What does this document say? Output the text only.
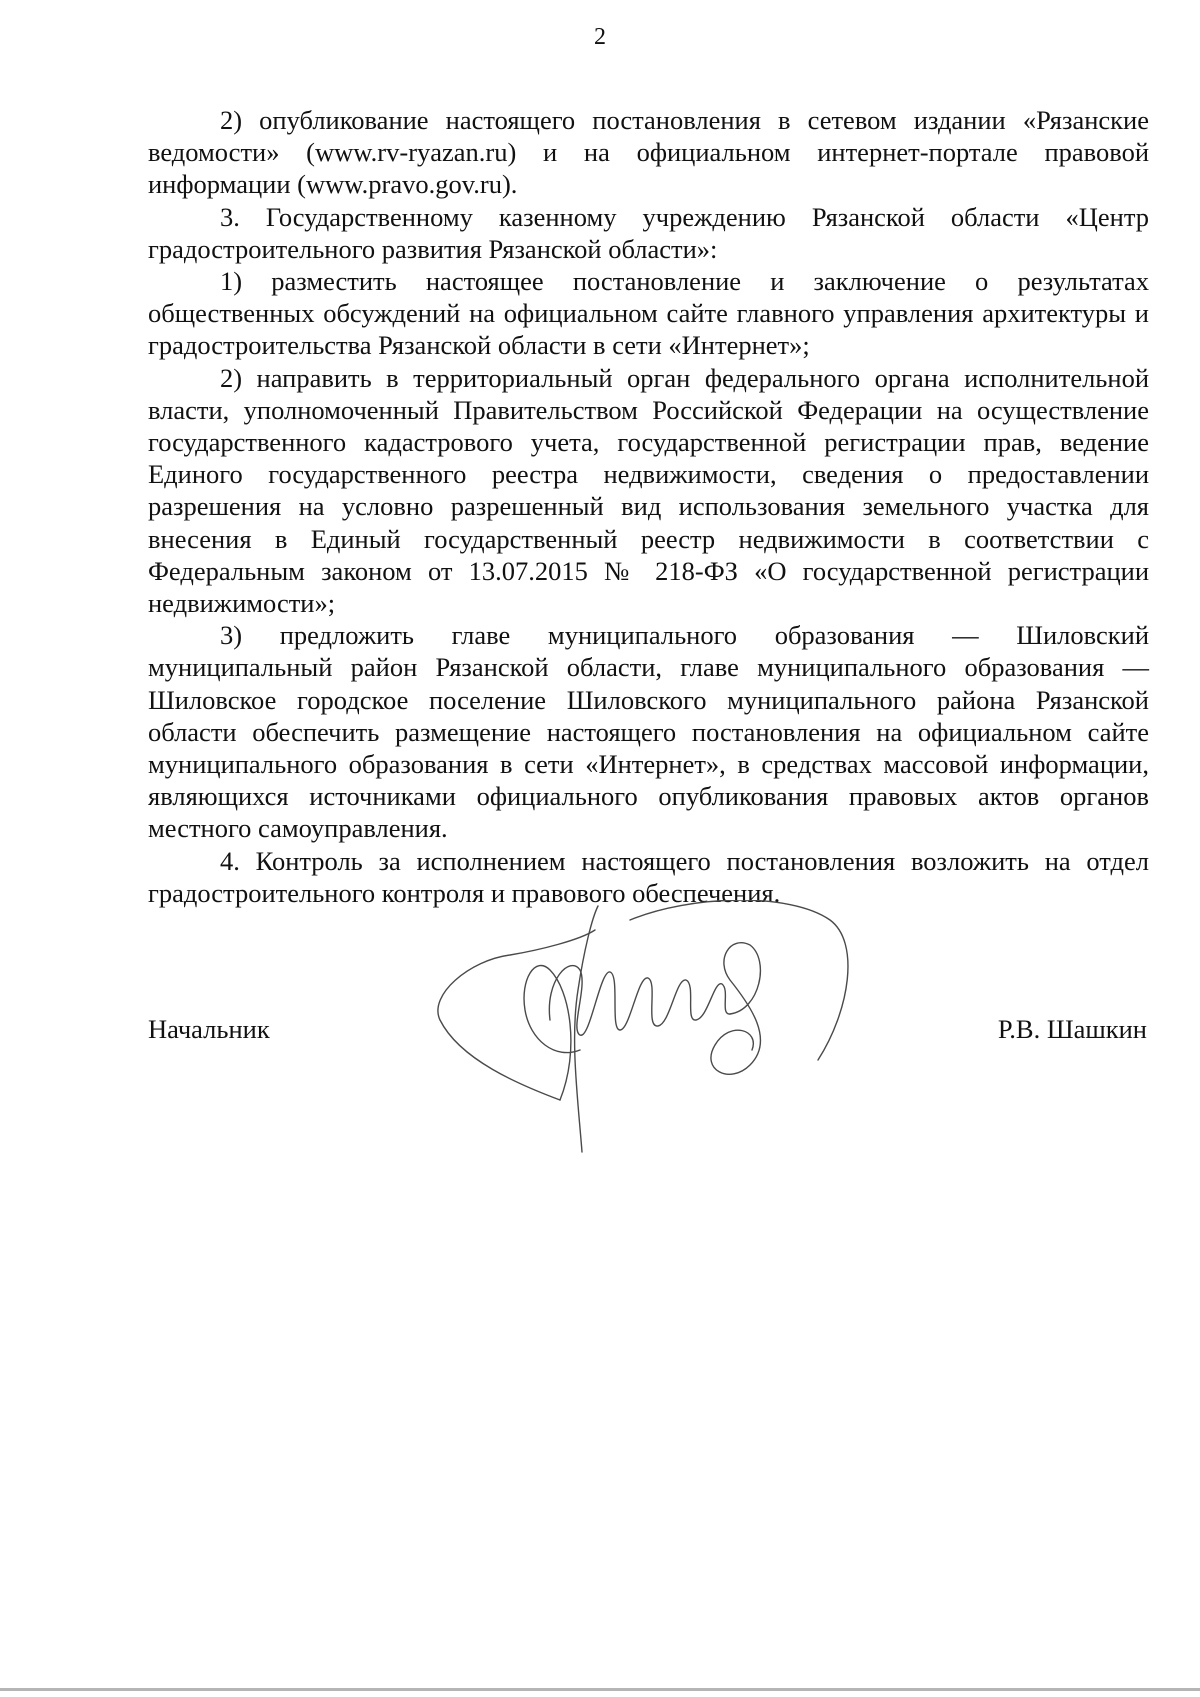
2

2) опубликование настоящего постановления в сетевом издании «Рязанские ведомости» (www.rv-ryazan.ru) и на официальном интернет-портале правовой информации (www.pravo.gov.ru).

3. Государственному казенному учреждению Рязанской области «Центр градостроительного развития Рязанской области»:

1) разместить настоящее постановление и заключение о результатах общественных обсуждений на официальном сайте главного управления архитектуры и градостроительства Рязанской области в сети «Интернет»;

2) направить в территориальный орган федерального органа исполнительной власти, уполномоченный Правительством Российской Федерации на осуществление государственного кадастрового учета, государственной регистрации прав, ведение Единого государственного реестра недвижимости, сведения о предоставлении разрешения на условно разрешенный вид использования земельного участка для внесения в Единый государственный реестр недвижимости в соответствии с Федеральным законом от 13.07.2015 № 218-ФЗ «О государственной регистрации недвижимости»;

3) предложить главе муниципального образования — Шиловский муниципальный район Рязанской области, главе муниципального образования — Шиловское городское поселение Шиловского муниципального района Рязанской области обеспечить размещение настоящего постановления на официальном сайте муниципального образования в сети «Интернет», в средствах массовой информации, являющихся источниками официального опубликования правовых актов органов местного самоуправления.

4. Контроль за исполнением настоящего постановления возложить на отдел градостроительного контроля и правового обеспечения.

Начальник	Р.В. Шашкин
